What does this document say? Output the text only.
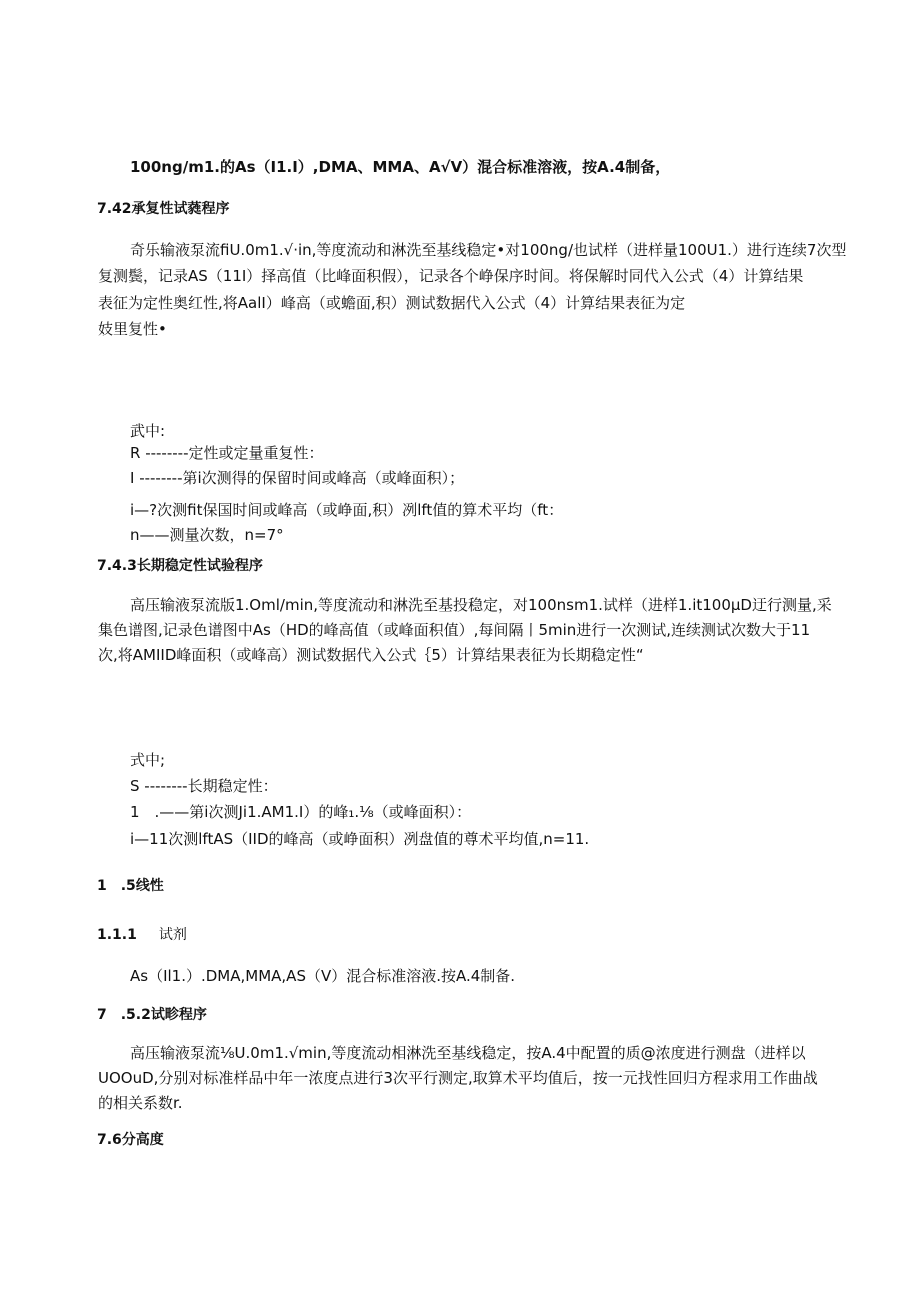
100ng/m1.的As（I1.I）,DMA、MMA、A√V）混合标准溶液，按A.4制备，
7.42承复性试蕤程序
奇乐输液泵流fiU.0m1.√·in,等度流动和淋洗至基线稳定•对100ng/也试样（进样量100U1.）进行连续7次型
复测鬓，记录AS（11I）择高值（比峰面积假），记录各个峥保序时间。将保解时同代入公式（4）计算结果
表征为定性奥红性,将AalI）峰高（或蟾面,积）测试数据代入公式（4）计算结果表征为定
妓里复性•
武中:
R --------定性或定量重复性：
I --------第i次测得的保留时间或峰高（或峰面积）；
i—?次测fit保国时间或峰高（或峥面,积）冽lft值的算术平均（ft：
n——测量次数，n=7°
7.4.3长期稳定性试验程序
高压输液泵流版1.Oml/min,等度流动和淋洗至基投稳定，对100nsm1.试样（进样1.it100μD迂行测量,采
集色谱图,记录色谱图中As（HD的峰高值（或峰面积值）,每间隔丨5min进行一次测试,连续测试次数大于11
次,将AMIID峰面积（或峰高）测试数据代入公式｛5）计算结果表征为长期稳定性“
式中;
S --------长期稳定性：
1　.——第i次测Ji1.AM1.I）的峰₁.⅛（或峰面积）：
i—11次测lftAS（IID的峰高（或峥面积）冽盘值的尊术平均值,n=11.
1　.5线性
1.1.1 试剂
As（Il1.）.DMA,MMA,AS（V）混合标准溶液.按A.4制备.
7　.5.2试畛程序
高压输液泵流⅛U.0m1.√min,等度流动相淋洗至基线稳定，按A.4中配置的质@浓度进行测盘（进样以
UOOuD,分别对标准样品中年一浓度点进行3次平行测定,取算术平均值后，按一元找性回归方程求用工作曲战
的相关系数r.
7.6分高度
